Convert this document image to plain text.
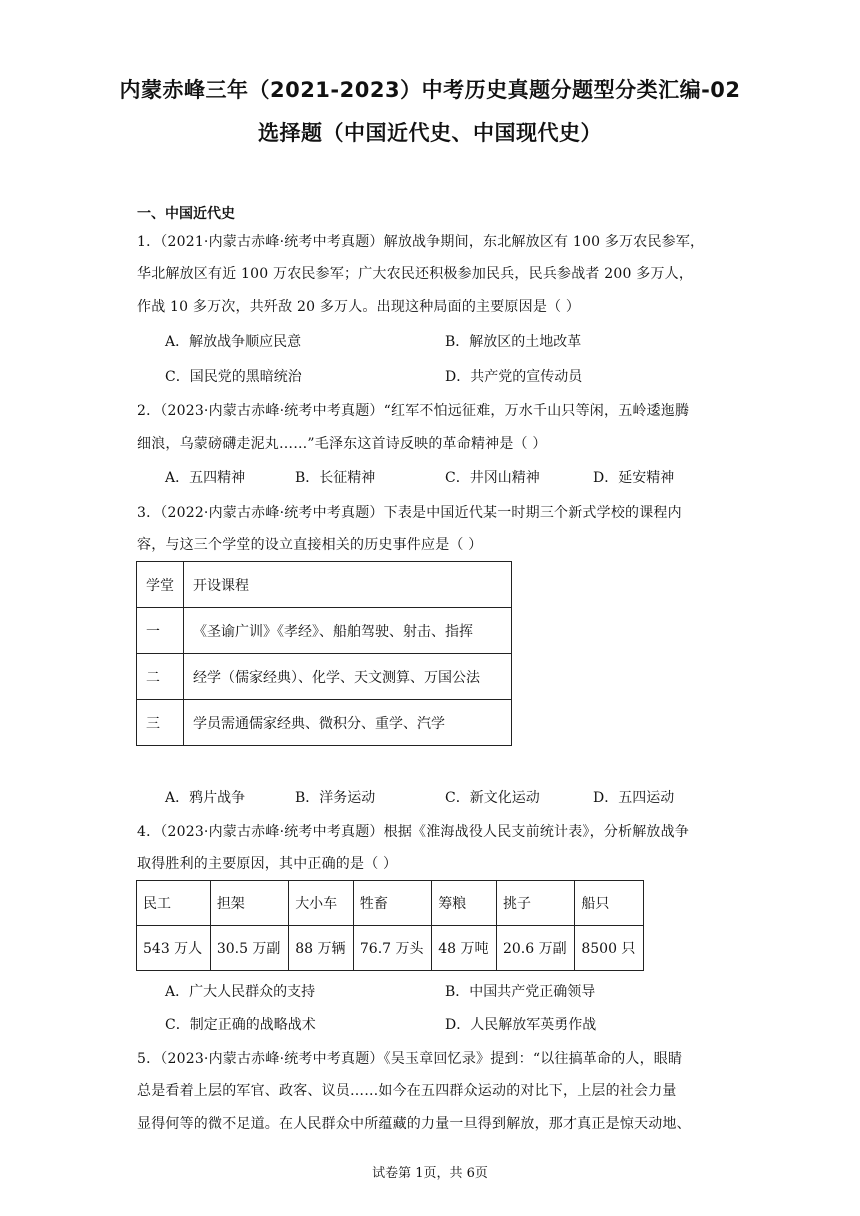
内蒙赤峰三年（2021-2023）中考历史真题分题型分类汇编-02
选择题（中国近代史、中国现代史）
一、中国近代史
1．（2021·内蒙古赤峰·统考中考真题）解放战争期间，东北解放区有 100 多万农民参军，
华北解放区有近 100 万农民参军；广大农民还积极参加民兵，民兵参战者 200 多万人，
作战 10 多万次，共歼敌 20 多万人。出现这种局面的主要原因是（ ）
A．解放战争顺应民意	B．解放区的土地改革
C．国民党的黑暗统治	D．共产党的宣传动员
2．（2023·内蒙古赤峰·统考中考真题）“红军不怕远征难，万水千山只等闲，五岭逶迤腾
细浪，乌蒙磅礴走泥丸……”毛泽东这首诗反映的革命精神是（ ）
A．五四精神	B．长征精神	C．井冈山精神	D．延安精神
3．（2022·内蒙古赤峰·统考中考真题）下表是中国近代某一时期三个新式学校的课程内
容，与这三个学堂的设立直接相关的历史事件应是（ ）
学堂	开设课程
一	《圣谕广训》《孝经》、船舶驾驶、射击、指挥
二	经学（儒家经典）、化学、天文测算、万国公法
三	学员需通儒家经典、微积分、重学、汽学
A．鸦片战争	B．洋务运动	C．新文化运动	D．五四运动
4．（2023·内蒙古赤峰·统考中考真题）根据《淮海战役人民支前统计表》，分析解放战争
取得胜利的主要原因，其中正确的是（ ）
民工	担架	大小车	牲畜	筹粮	挑子	船只
543 万人	30.5 万副	88 万辆	76.7 万头	48 万吨	20.6 万副	8500 只
A．广大人民群众的支持	B．中国共产党正确领导
C．制定正确的战略战术	D．人民解放军英勇作战
5．（2023·内蒙古赤峰·统考中考真题）《吴玉章回忆录》提到：“以往搞革命的人，眼睛
总是看着上层的军官、政客、议员……如今在五四群众运动的对比下，上层的社会力量
显得何等的微不足道。在人民群众中所蕴藏的力量一旦得到解放，那才真正是惊天动地、
试卷第 1页，共 6页
